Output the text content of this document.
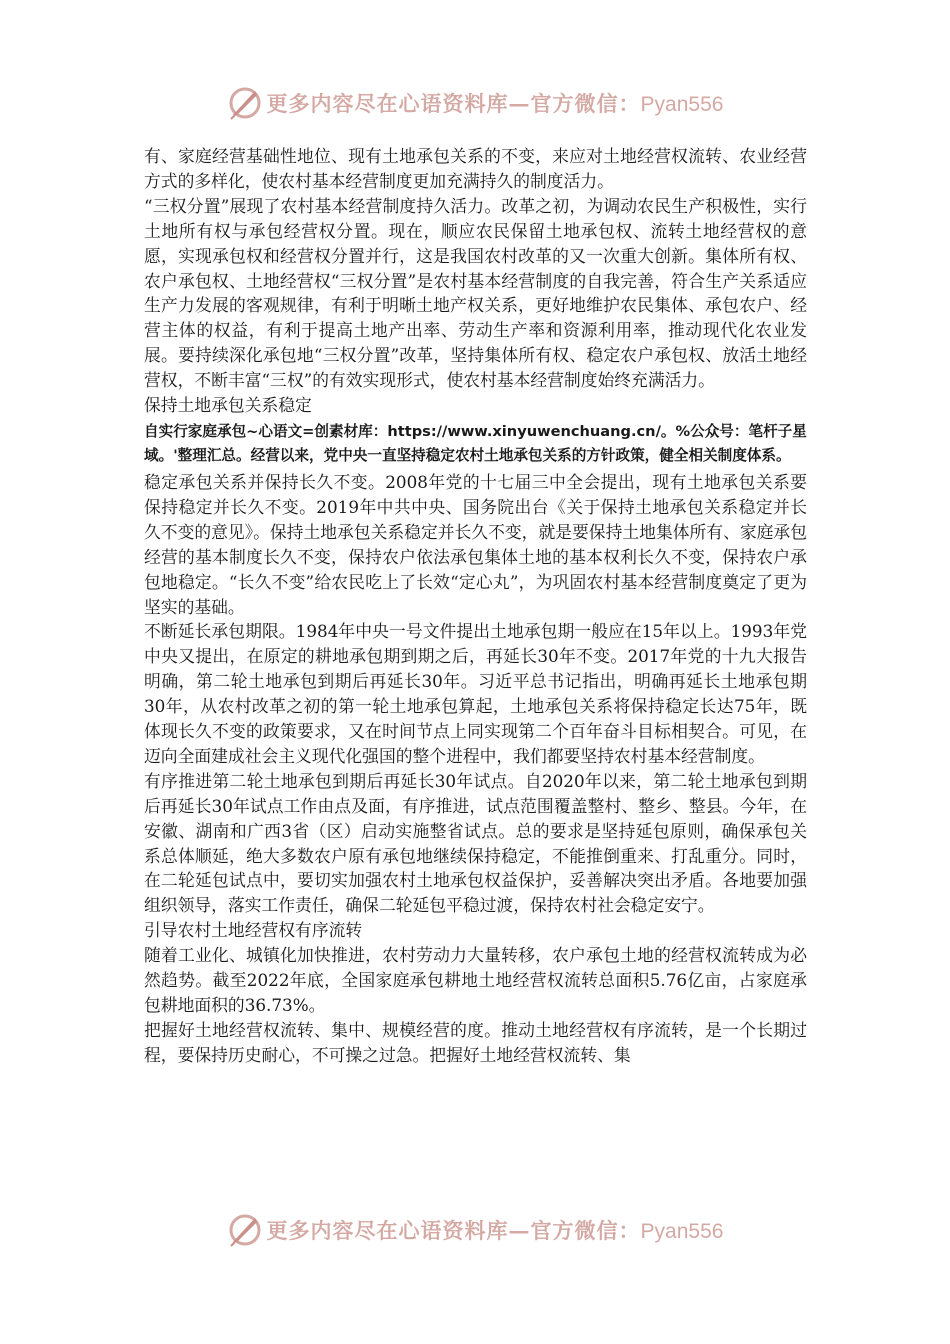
更多内容尽在心语资料库—官方微信：Pyan556

有、家庭经营基础性地位、现有土地承包关系的不变，来应对土地经营权流转、农业经营方式的多样化，使农村基本经营制度更加充满持久的制度活力。

“三权分置”展现了农村基本经营制度持久活力。改革之初，为调动农民生产积极性，实行土地所有权与承包经营权分置。现在，顺应农民保留土地承包权、流转土地经营权的意愿，实现承包权和经营权分置并行，这是我国农村改革的又一次重大创新。集体所有权、农户承包权、土地经营权“三权分置”是农村基本经营制度的自我完善，符合生产关系适应生产力发展的客观规律，有利于明晰土地产权关系，更好地维护农民集体、承包农户、经营主体的权益，有利于提高土地产出率、劳动生产率和资源利用率，推动现代化农业发展。要持续深化承包地“三权分置”改革，坚持集体所有权、稳定农户承包权、放活土地经营权，不断丰富“三权”的有效实现形式，使农村基本经营制度始终充满活力。

保持土地承包关系稳定

自实行家庭承包~心语文=创素材库：https://www.xinyuwenchuang.cn/。%公众号：笔杆子星域。'整理汇总。经营以来，党中央一直坚持稳定农村土地承包关系的方针政策，健全相关制度体系。

稳定承包关系并保持长久不变。2008年党的十七届三中全会提出，现有土地承包关系要保持稳定并长久不变。2019年中共中央、国务院出台《关于保持土地承包关系稳定并长久不变的意见》。保持土地承包关系稳定并长久不变，就是要保持土地集体所有、家庭承包经营的基本制度长久不变，保持农户依法承包集体土地的基本权利长久不变，保持农户承包地稳定。“长久不变”给农民吃上了长效“定心丸”，为巩固农村基本经营制度奠定了更为坚实的基础。

不断延长承包期限。1984年中央一号文件提出土地承包期一般应在15年以上。1993年党中央又提出，在原定的耕地承包期到期之后，再延长30年不变。2017年党的十九大报告明确，第二轮土地承包到期后再延长30年。习近平总书记指出，明确再延长土地承包期30年，从农村改革之初的第一轮土地承包算起，土地承包关系将保持稳定长达75年，既体现长久不变的政策要求，又在时间节点上同实现第二个百年奋斗目标相契合。可见，在迈向全面建成社会主义现代化强国的整个进程中，我们都要坚持农村基本经营制度。

有序推进第二轮土地承包到期后再延长30年试点。自2020年以来，第二轮土地承包到期后再延长30年试点工作由点及面，有序推进，试点范围覆盖整村、整乡、整县。今年，在安徽、湖南和广西3省（区）启动实施整省试点。总的要求是坚持延包原则，确保承包关系总体顺延，绝大多数农户原有承包地继续保持稳定，不能推倒重来、打乱重分。同时，在二轮延包试点中，要切实加强农村土地承包权益保护，妥善解决突出矛盾。各地要加强组织领导，落实工作责任，确保二轮延包平稳过渡，保持农村社会稳定安宁。

引导农村土地经营权有序流转

随着工业化、城镇化加快推进，农村劳动力大量转移，农户承包土地的经营权流转成为必然趋势。截至2022年底，全国家庭承包耕地土地经营权流转总面积5.76亿亩，占家庭承包耕地面积的36.73%。

把握好土地经营权流转、集中、规模经营的度。推动土地经营权有序流转，是一个长期过程，要保持历史耐心，不可操之过急。把握好土地经营权流转、集

更多内容尽在心语资料库—官方微信：Pyan556
